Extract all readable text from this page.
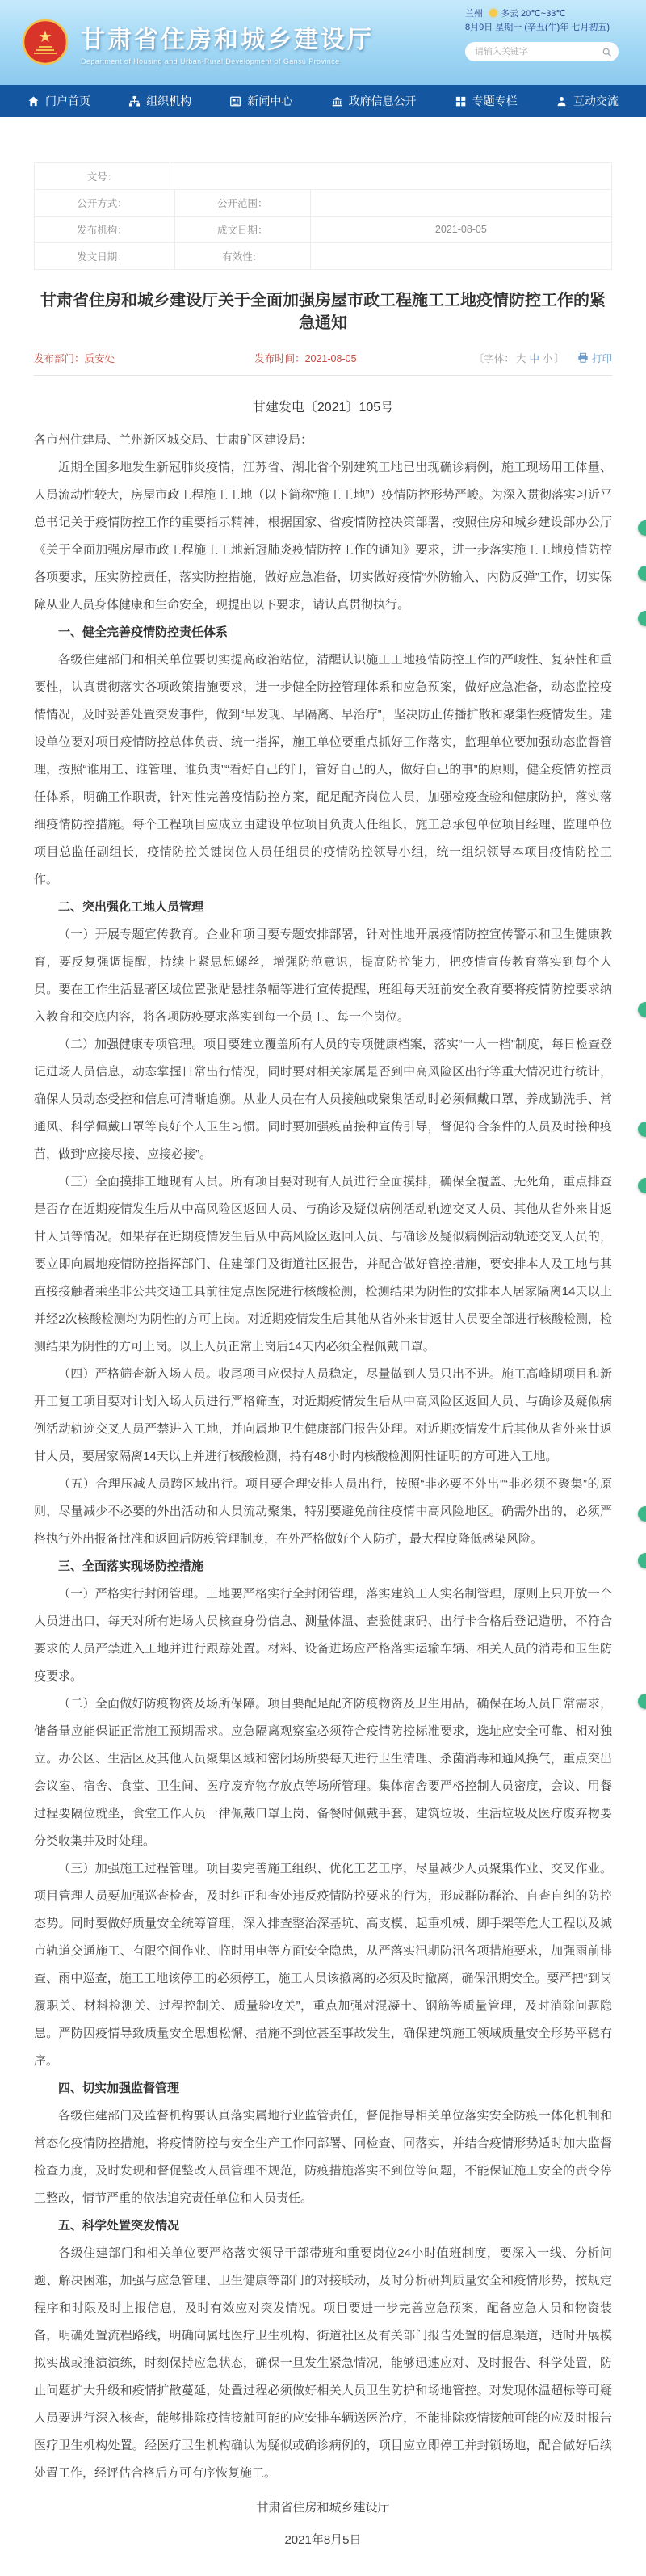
★ 甘肃省住房和城乡建设厅
Department of Housing and Urban-Rural Development of Gansu Province
兰州 多云 20℃~33℃
8月9日 星期一 (辛丑(牛)年 七月初五)
请输入关键字
门户首页	组织机构	新闻中心	政府信息公开	专题专栏	互动交流
文号：			
公开方式：		公开范围：	
发布机构：		成文日期：	2021-08-05
发文日期：		有效性：	
甘肃省住房和城乡建设厅关于全面加强房屋市政工程施工工地疫情防控工作的紧急通知
发布部门：质安处	发布时间：2021-08-05	〔字体： 大 中 小 〕	打印
甘建发电〔2021〕105号

各市州住建局、兰州新区城交局、甘肃矿区建设局：

近期全国多地发生新冠肺炎疫情，江苏省、湖北省个别建筑工地已出现确诊病例，施工现场用工体量、人员流动性较大，房屋市政工程施工工地（以下简称“施工工地”）疫情防控形势严峻。为深入贯彻落实习近平总书记关于疫情防控工作的重要指示精神，根据国家、省疫情防控决策部署，按照住房和城乡建设部办公厅《关于全面加强房屋市政工程施工工地新冠肺炎疫情防控工作的通知》要求，进一步落实施工工地疫情防控各项要求，压实防控责任，落实防控措施，做好应急准备，切实做好疫情“外防输入、内防反弹”工作，切实保障从业人员身体健康和生命安全，现提出以下要求，请认真贯彻执行。

一、健全完善疫情防控责任体系

各级住建部门和相关单位要切实提高政治站位，清醒认识施工工地疫情防控工作的严峻性、复杂性和重要性，认真贯彻落实各项政策措施要求，进一步健全防控管理体系和应急预案，做好应急准备，动态监控疫情情况，及时妥善处置突发事件，做到“早发现、早隔离、早治疗”，坚决防止传播扩散和聚集性疫情发生。建设单位要对项目疫情防控总体负责、统一指挥，施工单位要重点抓好工作落实，监理单位要加强动态监督管理，按照“谁用工、谁管理、谁负责”“看好自己的门，管好自己的人，做好自己的事”的原则，健全疫情防控责任体系，明确工作职责，针对性完善疫情防控方案，配足配齐岗位人员，加强检疫查验和健康防护，落实落细疫情防控措施。每个工程项目应成立由建设单位项目负责人任组长，施工总承包单位项目经理、监理单位项目总监任副组长，疫情防控关键岗位人员任组员的疫情防控领导小组，统一组织领导本项目疫情防控工作。

二、突出强化工地人员管理

（一）开展专题宣传教育。企业和项目要专题安排部署，针对性地开展疫情防控宣传警示和卫生健康教育，要反复强调提醒，持续上紧思想螺丝，增强防范意识，提高防控能力，把疫情宣传教育落实到每个人员。要在工作生活显著区域位置张贴悬挂条幅等进行宣传提醒，班组每天班前安全教育要将疫情防控要求纳入教育和交底内容，将各项防疫要求落实到每一个员工、每一个岗位。

（二）加强健康专项管理。项目要建立覆盖所有人员的专项健康档案，落实“一人一档”制度，每日检查登记进场人员信息，动态掌握日常出行情况，同时要对相关家属是否到中高风险区出行等重大情况进行统计，确保人员动态受控和信息可清晰追溯。从业人员在有人员接触或聚集活动时必须佩戴口罩，养成勤洗手、常通风、科学佩戴口罩等良好个人卫生习惯。同时要加强疫苗接种宣传引导，督促符合条件的人员及时接种疫苗，做到“应接尽接、应接必接”。

（三）全面摸排工地现有人员。所有项目要对现有人员进行全面摸排，确保全覆盖、无死角，重点排查是否存在近期疫情发生后从中高风险区返回人员、与确诊及疑似病例活动轨迹交叉人员、其他从省外来甘返甘人员等情况。如果存在近期疫情发生后从中高风险区返回人员、与确诊及疑似病例活动轨迹交叉人员的，要立即向属地疫情防控指挥部门、住建部门及街道社区报告，并配合做好管控措施，要安排本人及工地与其直接接触者乘坐非公共交通工具前往定点医院进行核酸检测，检测结果为阴性的安排本人居家隔离14天以上并经2次核酸检测均为阴性的方可上岗。对近期疫情发生后其他从省外来甘返甘人员要全部进行核酸检测，检测结果为阴性的方可上岗。以上人员正常上岗后14天内必须全程佩戴口罩。

（四）严格筛查新入场人员。收尾项目应保持人员稳定，尽量做到人员只出不进。施工高峰期项目和新开工复工项目要对计划入场人员进行严格筛查，对近期疫情发生后从中高风险区返回人员、与确诊及疑似病例活动轨迹交叉人员严禁进入工地，并向属地卫生健康部门报告处理。对近期疫情发生后其他从省外来甘返甘人员，要居家隔离14天以上并进行核酸检测，持有48小时内核酸检测阴性证明的方可进入工地。

（五）合理压减人员跨区域出行。项目要合理安排人员出行，按照“非必要不外出”“非必须不聚集”的原则，尽量减少不必要的外出活动和人员流动聚集，特别要避免前往疫情中高风险地区。确需外出的，必须严格执行外出报备批准和返回后防疫管理制度，在外严格做好个人防护，最大程度降低感染风险。

三、全面落实现场防控措施

（一）严格实行封闭管理。工地要严格实行全封闭管理，落实建筑工人实名制管理，原则上只开放一个人员进出口，每天对所有进场人员核查身份信息、测量体温、查验健康码、出行卡合格后登记造册，不符合要求的人员严禁进入工地并进行跟踪处置。材料、设备进场应严格落实运输车辆、相关人员的消毒和卫生防疫要求。

（二）全面做好防疫物资及场所保障。项目要配足配齐防疫物资及卫生用品，确保在场人员日常需求，储备量应能保证正常施工预期需求。应急隔离观察室必须符合疫情防控标准要求，选址应安全可靠、相对独立。办公区、生活区及其他人员聚集区域和密闭场所要每天进行卫生清理、杀菌消毒和通风换气，重点突出会议室、宿舍、食堂、卫生间、医疗废弃物存放点等场所管理。集体宿舍要严格控制人员密度，会议、用餐过程要隔位就坐，食堂工作人员一律佩戴口罩上岗、备餐时佩戴手套，建筑垃圾、生活垃圾及医疗废弃物要分类收集并及时处理。

（三）加强施工过程管理。项目要完善施工组织、优化工艺工序，尽量减少人员聚集作业、交叉作业。项目管理人员要加强巡查检查，及时纠正和查处违反疫情防控要求的行为，形成群防群治、自查自纠的防控态势。同时要做好质量安全统筹管理，深入排查整治深基坑、高支模、起重机械、脚手架等危大工程以及城市轨道交通施工、有限空间作业、临时用电等方面安全隐患，从严落实汛期防汛各项措施要求，加强雨前排查、雨中巡查，施工工地该停工的必须停工，施工人员该撤离的必须及时撤离，确保汛期安全。要严把“到岗履职关、材料检测关、过程控制关、质量验收关”，重点加强对混凝土、钢筋等质量管理，及时消除问题隐患。严防因疫情导致质量安全思想松懈、措施不到位甚至事故发生，确保建筑施工领域质量安全形势平稳有序。

四、切实加强监督管理

各级住建部门及监督机构要认真落实属地行业监管责任，督促指导相关单位落实安全防疫一体化机制和常态化疫情防控措施，将疫情防控与安全生产工作同部署、同检查、同落实，并结合疫情形势适时加大监督检查力度，及时发现和督促整改人员管理不规范，防疫措施落实不到位等问题，不能保证施工安全的责令停工整改，情节严重的依法追究责任单位和人员责任。

五、科学处置突发情况

各级住建部门和相关单位要严格落实领导干部带班和重要岗位24小时值班制度，要深入一线、分析问题、解决困难，加强与应急管理、卫生健康等部门的对接联动，及时分析研判质量安全和疫情形势，按规定程序和时限及时上报信息，及时有效应对突发情况。项目要进一步完善应急预案，配备应急人员和物资装备，明确处置流程路线，明确向属地医疗卫生机构、街道社区及有关部门报告处置的信息渠道，适时开展模拟实战或推演演练，时刻保持应急状态，确保一旦发生紧急情况，能够迅速应对、及时报告、科学处置，防止问题扩大升级和疫情扩散蔓延，处置过程必须做好相关人员卫生防护和场地管控。对发现体温超标等可疑人员要进行深入核查，能够排除疫情接触可能的应安排车辆送医治疗，不能排除疫情接触可能的应及时报告医疗卫生机构处置。经医疗卫生机构确认为疑似或确诊病例的，项目应立即停工并封锁场地，配合做好后续处置工作，经评估合格后方可有序恢复施工。

甘肃省住房和城乡建设厅
2021年8月5日
